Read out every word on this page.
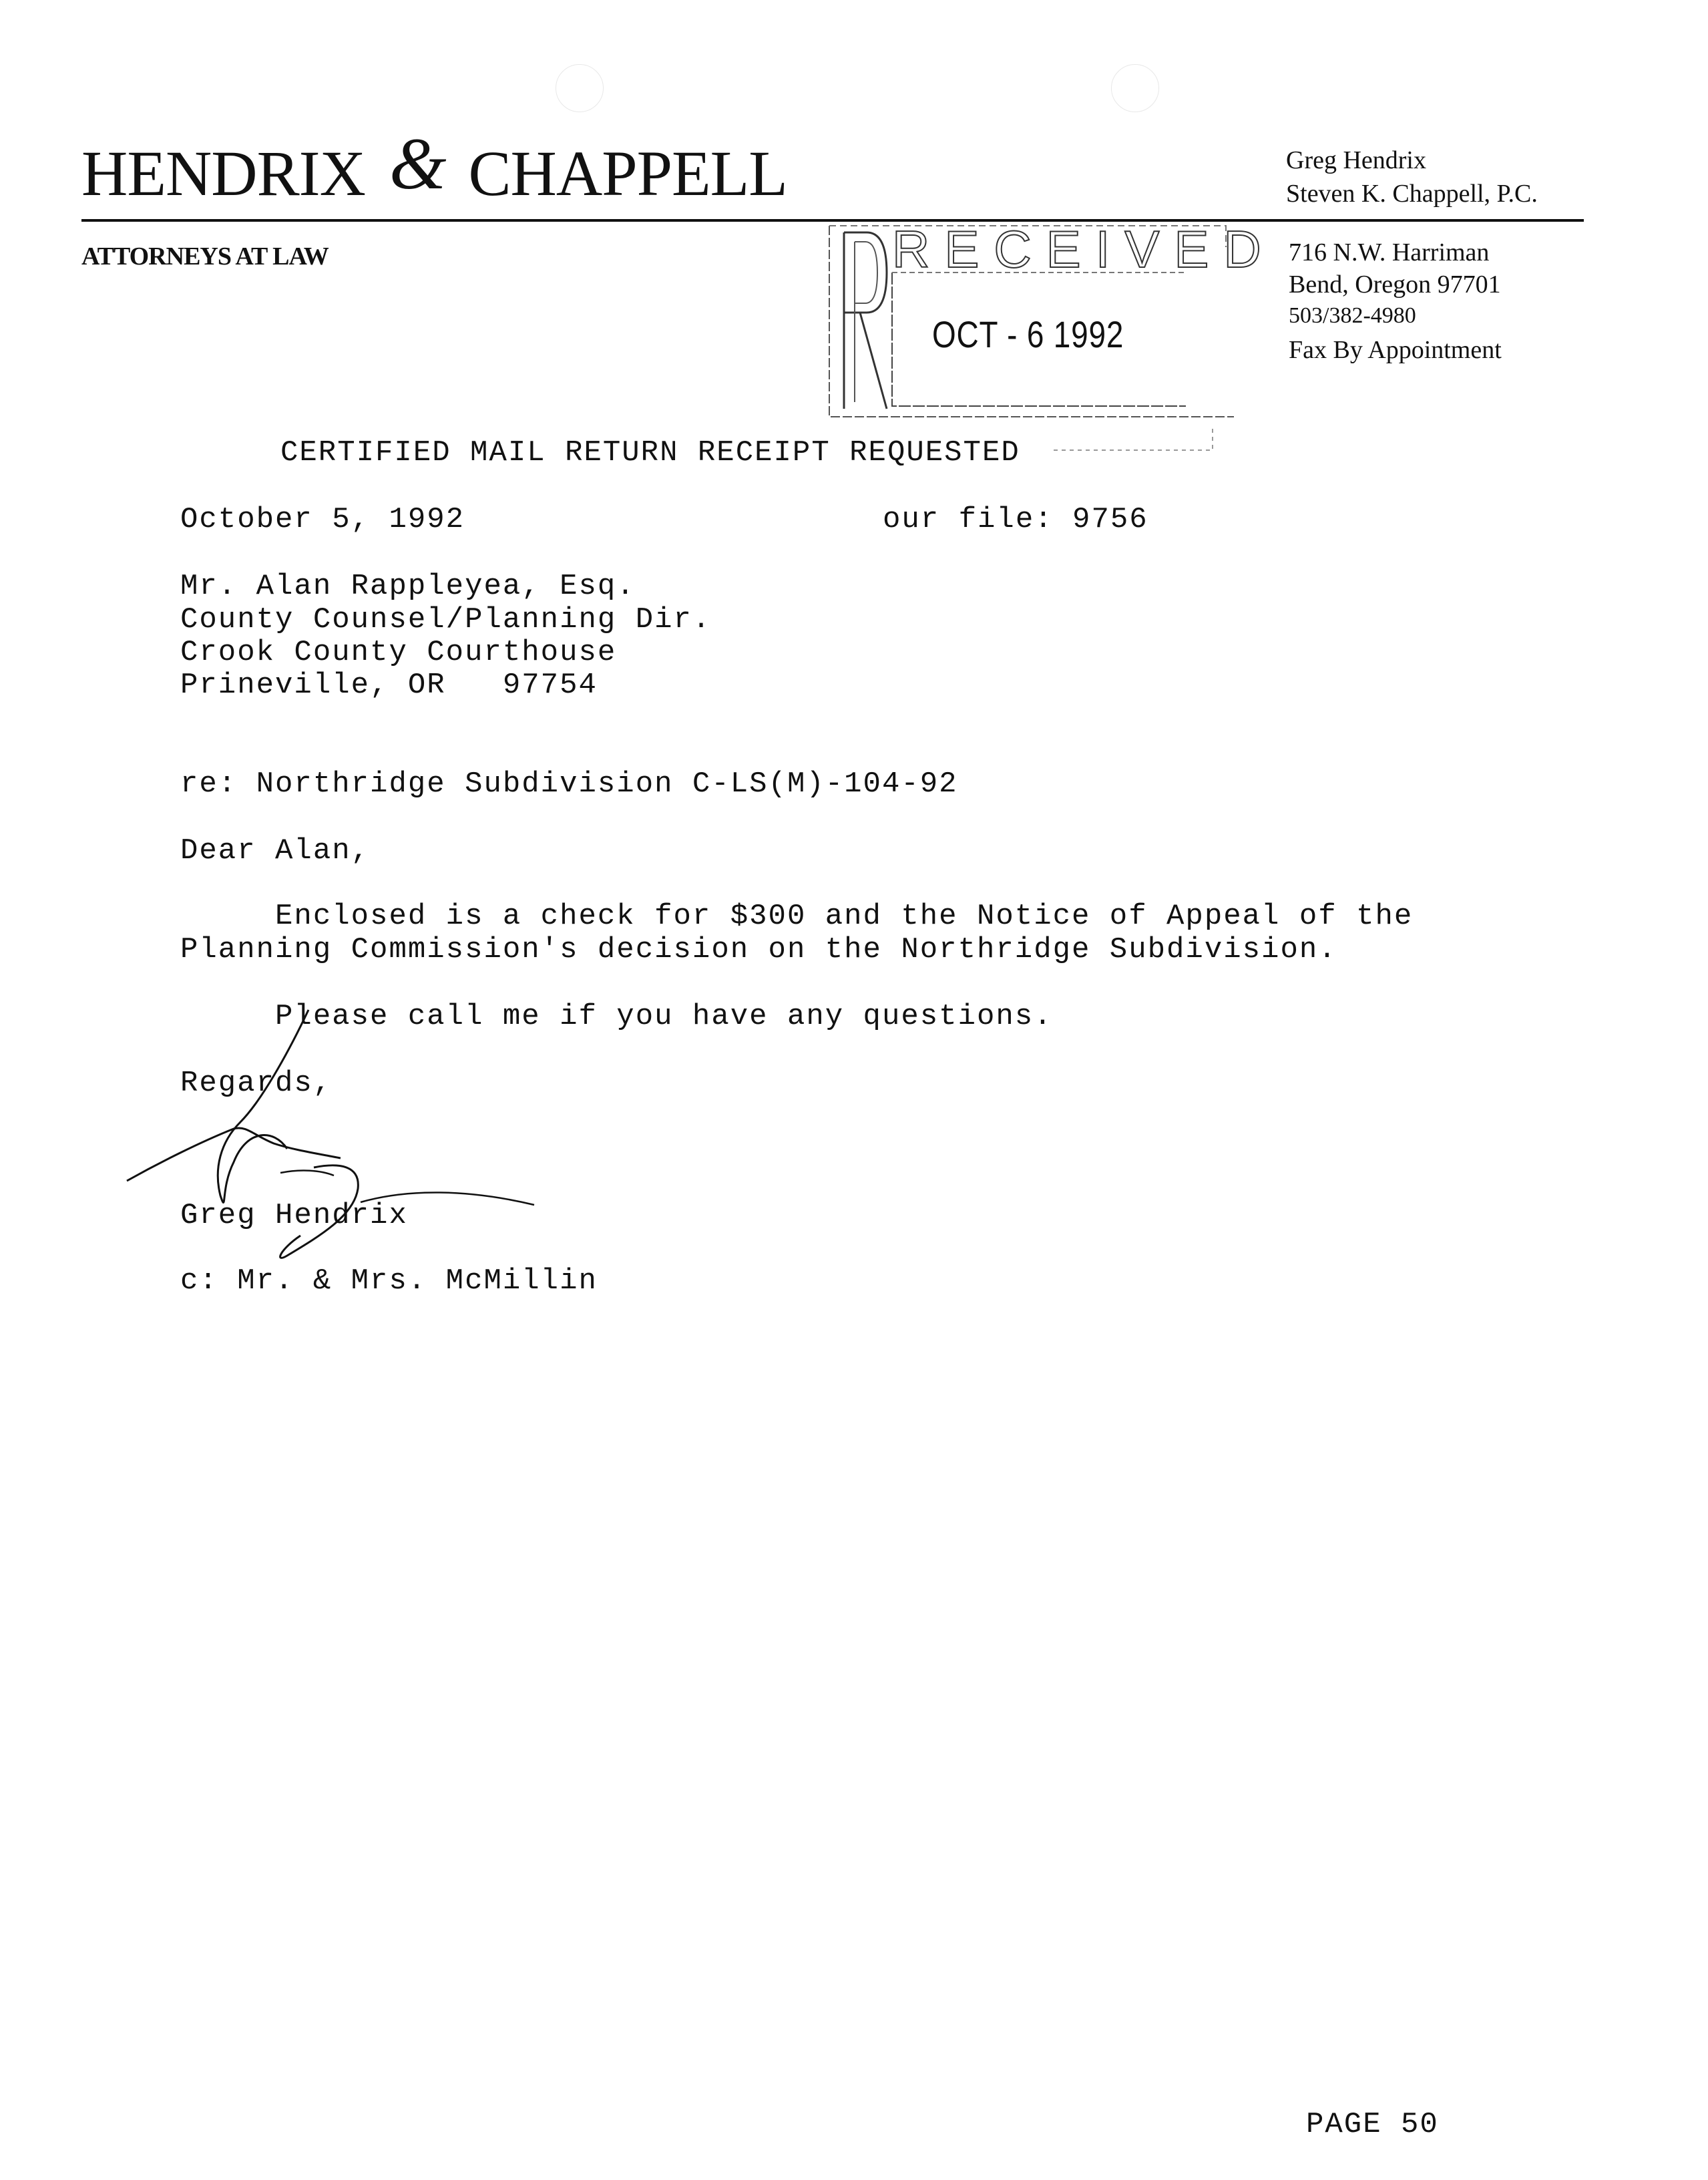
HENDRIX & CHAPPELL
ATTORNEYS AT LAW
Greg Hendrix
Steven K. Chappell, P.C.
716 N.W. Harriman
Bend, Oregon 97701
503/382-4980
Fax By Appointment
RECEIVED
OCT - 6 1992
CERTIFIED MAIL RETURN RECEIPT REQUESTED
October 5, 1992	our file: 9756
Mr. Alan Rappleyea, Esq.
County Counsel/Planning Dir.
Crook County Courthouse
Prineville, OR   97754
re: Northridge Subdivision C-LS(M)-104-92
Dear Alan,
Enclosed is a check for $300 and the Notice of Appeal of the
Planning Commission's decision on the Northridge Subdivision.
Please call me if you have any questions.
Regards,
Greg Hendrix
c: Mr. & Mrs. McMillin
PAGE 50
